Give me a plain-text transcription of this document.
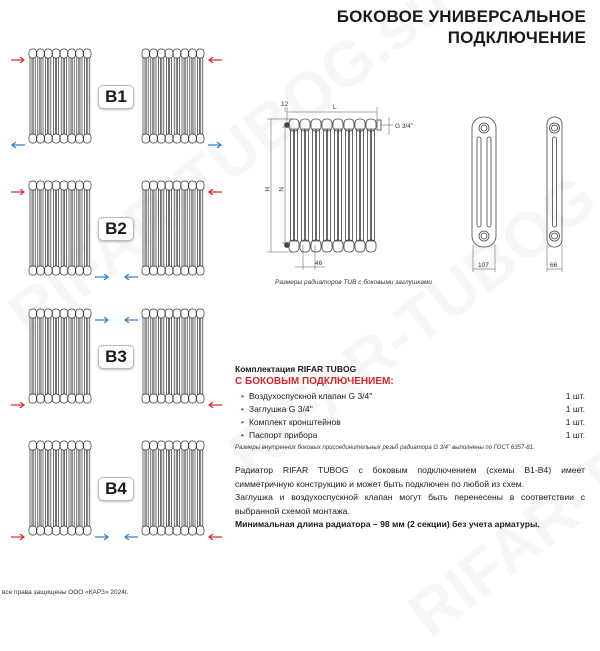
БОКОВОЕ УНИВЕРСАЛЬНОЕ
ПОДКЛЮЧЕНИЕ
B1
B2
B3
B4
12	L
H N
46
G 3/4''
107	66
Размеры радиаторов TUB с боковыми заглушками
Комплектация RIFAR TUBOG
С БОКОВЫМ ПОДКЛЮЧЕНИЕМ:
• Воздухоспускной клапан G 3/4''	1 шт.
• Заглушка G 3/4''	1 шт.
• Комплект кронштейнов	1 шт.
• Паспорт прибора	1 шт.
Размеры внутренних боковых присоединительных резьб радиатора G 3/4'' выполнены по ГОСТ 6357-81.
Радиатор RIFAR TUBOG с боковым подключением (схемы B1-B4) имеет симметричную конструкцию и может быть подключен по любой из схем.
Заглушка и воздухоспускной клапан могут быть перенесены в соответствии с выбранной схемой монтажа.
Минимальная длина радиатора – 98 мм (2 секции) без учета арматуры.
все права защищены ООО «КАРЗ» 2024г.
